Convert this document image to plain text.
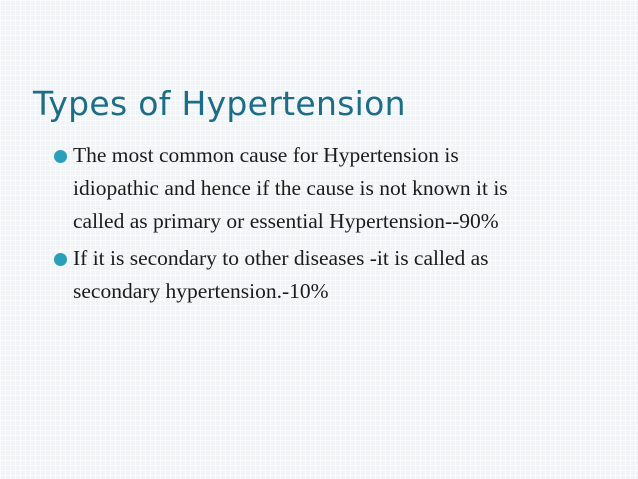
Types of Hypertension
The most common cause for Hypertension is
idiopathic and hence if the cause is not known it is
called as primary or essential Hypertension--90%
If it is secondary to other diseases -it is called as
secondary hypertension.-10%
